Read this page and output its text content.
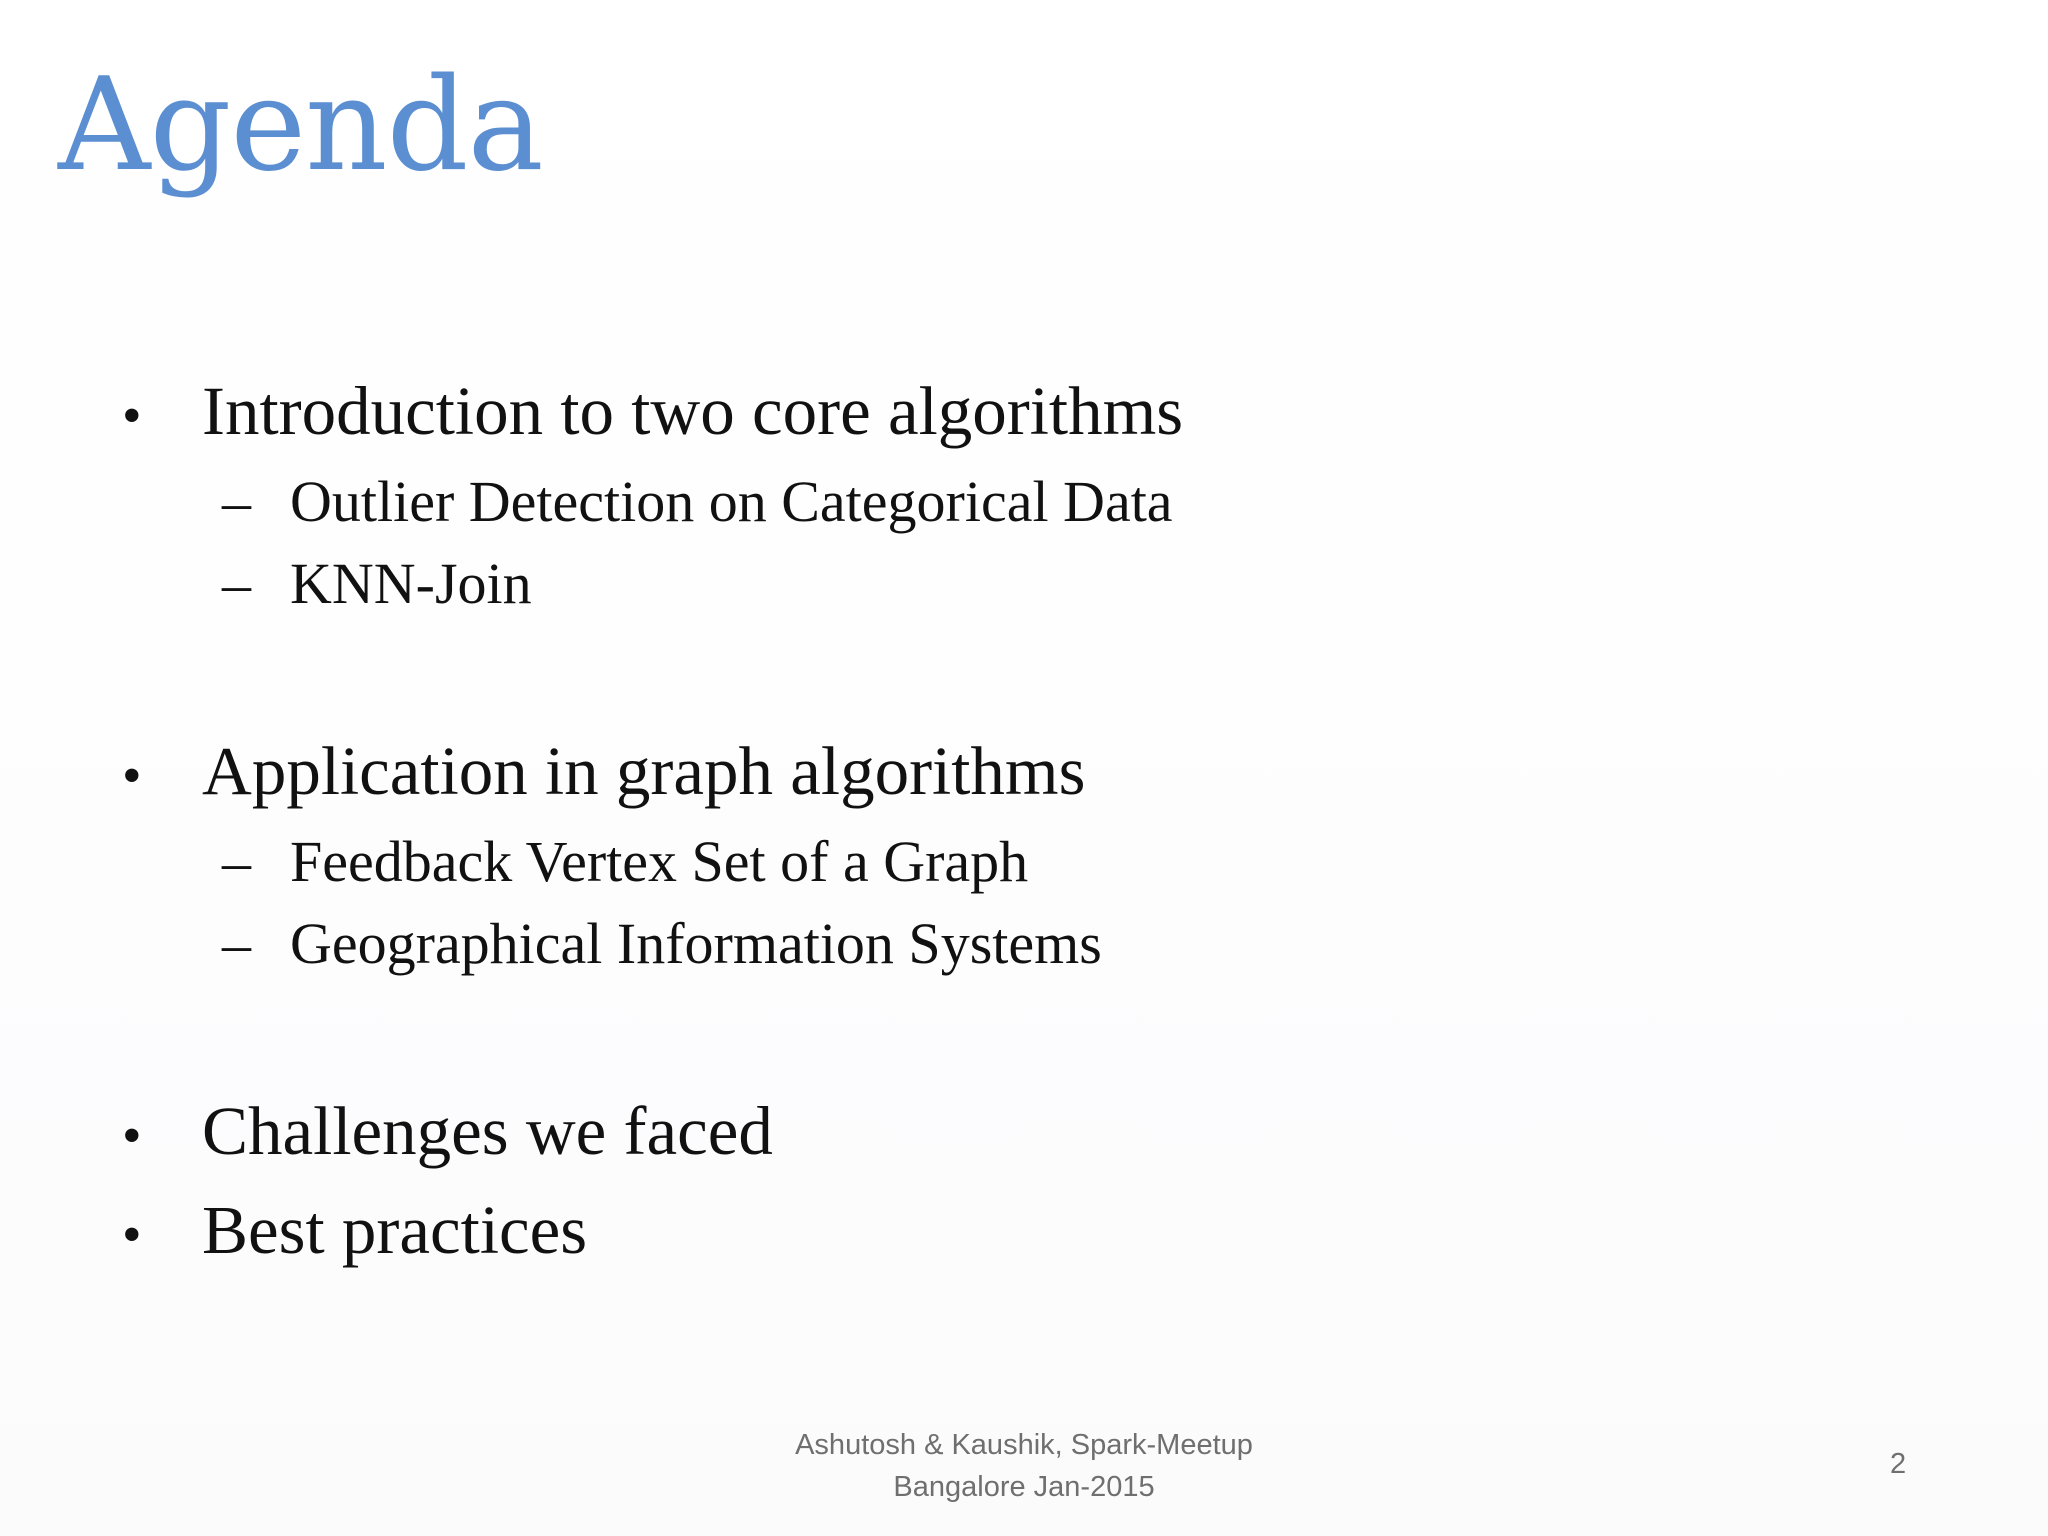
Agenda
• Introduction to two core algorithms
– Outlier Detection on Categorical Data
– KNN-Join
• Application in graph algorithms
– Feedback Vertex Set of a Graph
– Geographical Information Systems
• Challenges we faced
• Best practices
Ashutosh & Kaushik, Spark-Meetup
Bangalore Jan-2015
2
